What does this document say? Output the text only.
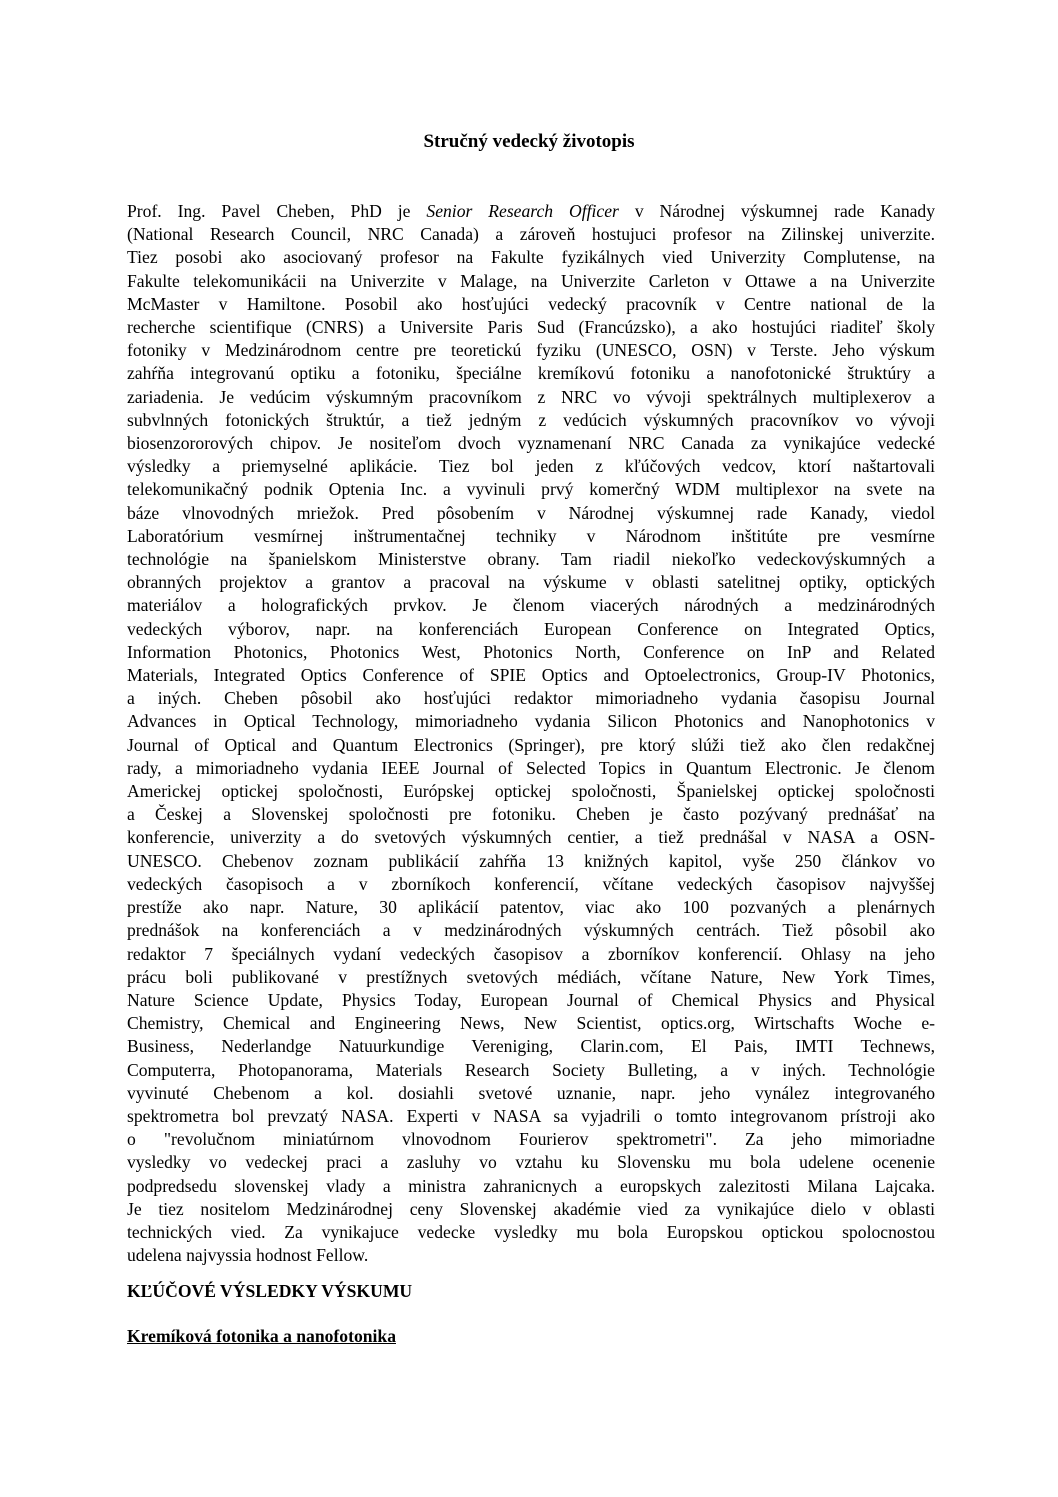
Stručný vedecký životopis
Prof. Ing. Pavel Cheben, PhD je Senior Research Officer v Národnej výskumnej rade Kanady
(National Research Council, NRC Canada) a zároveň hostujuci profesor na Zilinskej univerzite.
Tiez posobi ako asociovaný profesor na Fakulte fyzikálnych vied Univerzity Complutense, na
Fakulte telekomunikácii na Univerzite v Malage, na Univerzite Carleton v Ottawe a na Univerzite
McMaster v Hamiltone. Posobil ako hosťujúci vedecký pracovník v Centre national de la
recherche scientifique (CNRS) a Universite Paris Sud (Francúzsko), a ako hostujúci riaditeľ školy
fotoniky v Medzinárodnom centre pre teoretickú fyziku (UNESCO, OSN) v Terste. Jeho výskum
zahŕňa integrovanú optiku a fotoniku, špeciálne kremíkovú fotoniku a nanofotonické štruktúry a
zariadenia. Je vedúcim výskumným pracovníkom z NRC vo vývoji spektrálnych multiplexerov a
subvlnných fotonických štruktúr, a tiež jedným z vedúcich výskumných pracovníkov vo vývoji
biosenzororových chipov. Je nositeľom dvoch vyznamenaní NRC Canada za vynikajúce vedecké
výsledky a priemyselné aplikácie. Tiez bol jeden z kľúčových vedcov, ktorí naštartovali
telekomunikačný podnik Optenia Inc. a vyvinuli prvý komerčný WDM multiplexor na svete na
báze vlnovodných mriežok. Pred pôsobením v Národnej výskumnej rade Kanady, viedol
Laboratórium vesmírnej inštrumentačnej techniky v Národnom inštitúte pre vesmírne
technológie na španielskom Ministerstve obrany. Tam riadil niekoľko vedeckovýskumných a
obranných projektov a grantov a pracoval na výskume v oblasti satelitnej optiky, optických
materiálov a holografických prvkov. Je členom viacerých národných a medzinárodných
vedeckých výborov, napr. na konferenciách European Conference on Integrated Optics,
Information Photonics, Photonics West, Photonics North, Conference on InP and Related
Materials, Integrated Optics Conference of SPIE Optics and Optoelectronics, Group-IV Photonics,
a iných. Cheben pôsobil ako hosťujúci redaktor mimoriadneho vydania časopisu Journal
Advances in Optical Technology, mimoriadneho vydania Silicon Photonics and Nanophotonics v
Journal of Optical and Quantum Electronics (Springer), pre ktorý slúži tiež ako člen redakčnej
rady, a mimoriadneho vydania IEEE Journal of Selected Topics in Quantum Electronic. Je členom
Americkej optickej spoločnosti, Európskej optickej spoločnosti, Španielskej optickej spoločnosti
a Českej a Slovenskej spoločnosti pre fotoniku. Cheben je často pozývaný prednášať na
konferencie, univerzity a do svetových výskumných centier, a tiež prednášal v NASA a OSN-
UNESCO. Chebenov zoznam publikácií zahŕňa 13 knižných kapitol, vyše 250 článkov vo
vedeckých časopisoch a v zborníkoch konferencií, včítane vedeckých časopisov najvyššej
prestíže ako napr. Nature, 30 aplikácií patentov, viac ako 100 pozvaných a plenárnych
prednášok na konferenciách a v medzinárodných výskumných centrách. Tiež pôsobil ako
redaktor 7 špeciálnych vydaní vedeckých časopisov a zborníkov konferencií. Ohlasy na jeho
prácu boli publikované v prestížnych svetových médiách, včítane Nature, New York Times,
Nature Science Update, Physics Today, European Journal of Chemical Physics and Physical
Chemistry, Chemical and Engineering News, New Scientist, optics.org, Wirtschafts Woche e-
Business, Nederlandge Natuurkundige Vereniging, Clarin.com, El Pais, IMTI Technews,
Computerra, Photopanorama, Materials Research Society Bulleting, a v iných. Technológie
vyvinuté Chebenom a kol. dosiahli svetové uznanie, napr. jeho vynález integrovaného
spektrometra bol prevzatý NASA. Experti v NASA sa vyjadrili o tomto integrovanom prístroji ako
o "revolučnom miniatúrnom vlnovodnom Fourierov spektrometri". Za jeho mimoriadne
vysledky vo vedeckej praci a zasluhy vo vztahu ku Slovensku mu bola udelene ocenenie
podpredsedu slovenskej vlady a ministra zahranicnych a europskych zalezitosti Milana Lajcaka.
Je tiez nositelom Medzinárodnej ceny Slovenskej akadémie vied za vynikajúce dielo v oblasti
technických vied. Za vynikajuce vedecke vysledky mu bola Europskou optickou spolocnostou
udelena najvyssia hodnost Fellow.
KĽÚČOVÉ VÝSLEDKY VÝSKUMU
Kremíková fotonika a nanofotonika
